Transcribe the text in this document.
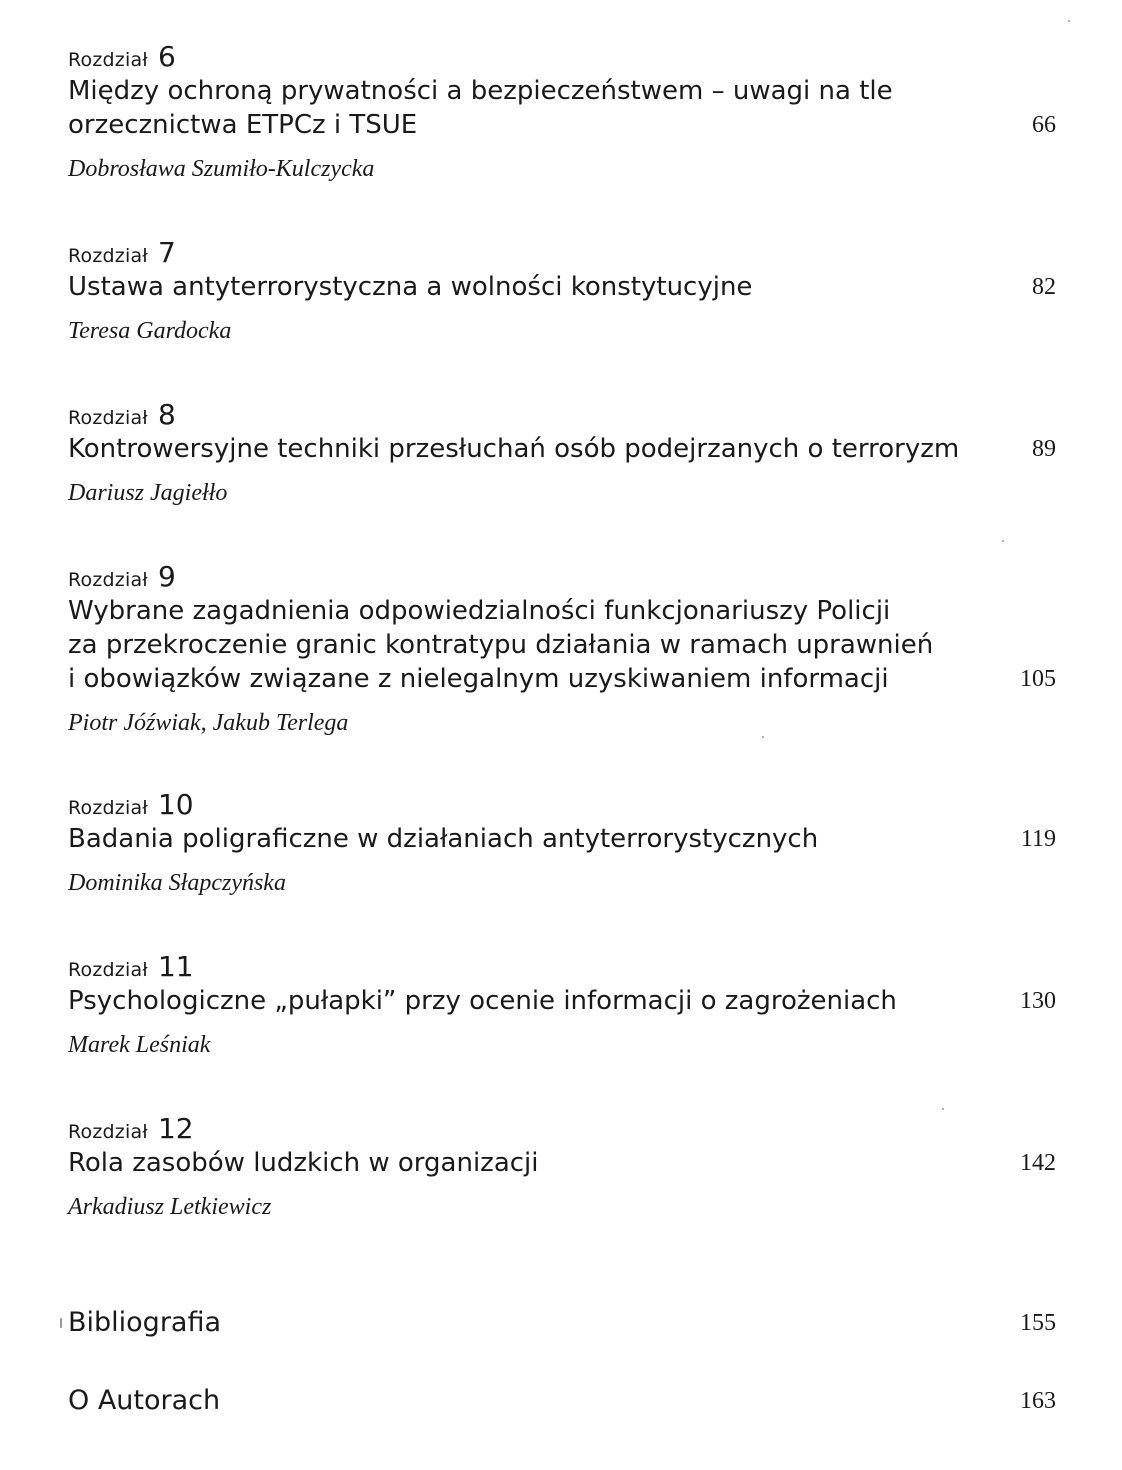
Rozdział 6

Między ochroną prywatności a bezpieczeństwem – uwagi na tle
orzecznictwa ETPCz i TSUE	66
Dobrosława Szumiło-Kulczycka
Rozdział 7

Ustawa antyterrorystyczna a wolności konstytucyjne	82
Teresa Gardocka
Rozdział 8

Kontrowersyjne techniki przesłuchań osób podejrzanych o terroryzm	89
Dariusz Jagiełło
Rozdział 9

Wybrane zagadnienia odpowiedzialności funkcjonariuszy Policji
za przekroczenie granic kontratypu działania w ramach uprawnień
i obowiązków związane z nielegalnym uzyskiwaniem informacji	105
Piotr Jóźwiak, Jakub Terlega
Rozdział 10

Badania poligraficzne w działaniach antyterrorystycznych	119
Dominika Słapczyńska
Rozdział 11

Psychologiczne „pułapki” przy ocenie informacji o zagrożeniach	130
Marek Leśniak
Rozdział 12

Rola zasobów ludzkich w organizacji	142
Arkadiusz Letkiewicz

Bibliografia	155

O Autorach	163
